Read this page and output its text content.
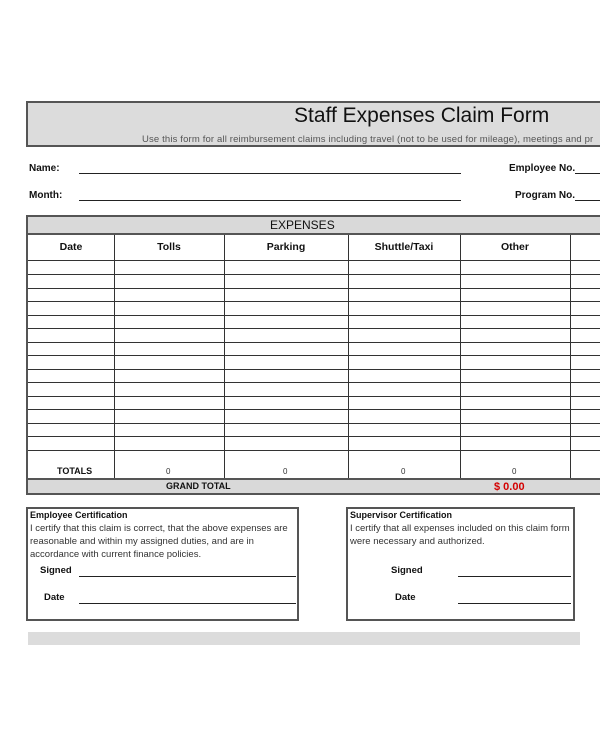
Staff Expenses Claim Form
Use this form for all reimbursement claims including travel (not to be used for mileage), meetings and pr
Name:
Month:
Employee No.
Program No.
EXPENSES
Date	Tolls	Parking	Shuttle/Taxi	Other
TOTALS	0	0	0	0
GRAND TOTAL	$ 0.00
Employee Certification
I certify that this claim is correct, that the above expenses are reasonable and within my assigned duties, and are in accordance with current finance policies.
Signed
Date
Supervisor Certification
I certify that all expenses included on this claim form were necessary and authorized.
Signed
Date
